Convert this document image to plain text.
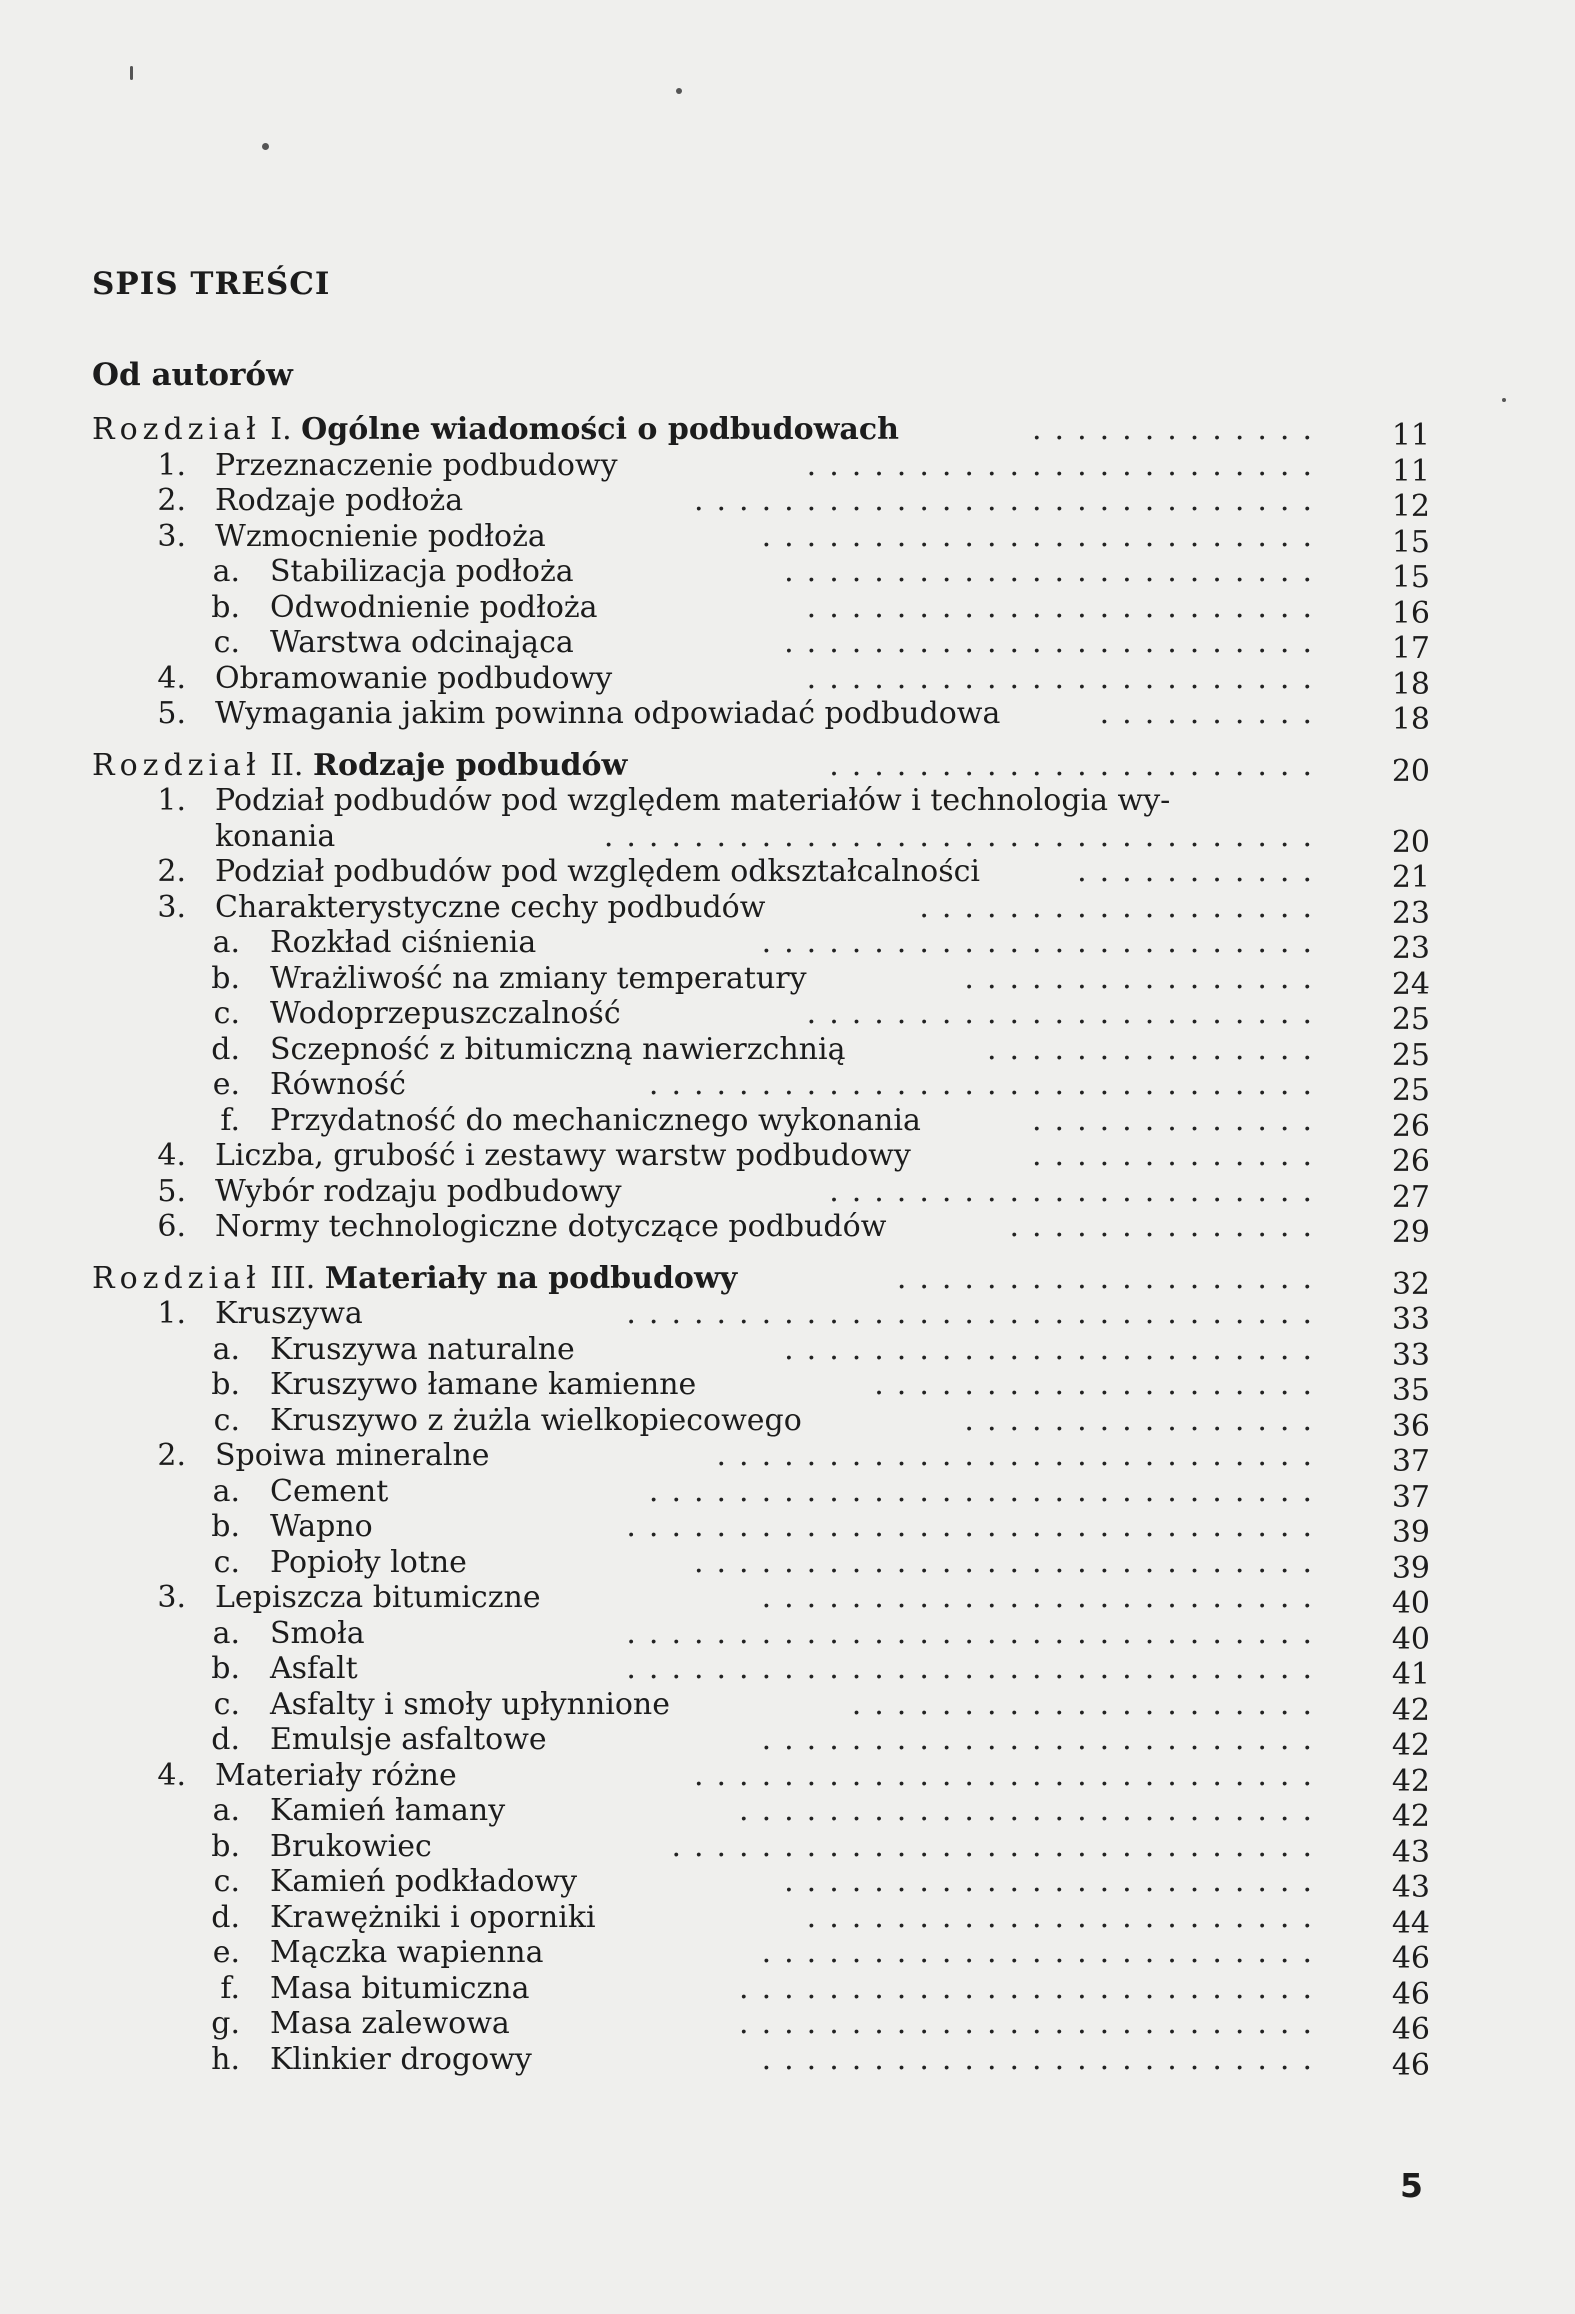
SPIS TREŚCI
Od autorów
Rozdział I. Ogólne wiadomości o podbudowach	.............	11
1. Przeznaczenie podbudowy	.......................	11
2. Rodzaje podłoża	............................	12
3. Wzmocnienie podłoża	.........................	15
a. Stabilizacja podłoża	........................	15
b. Odwodnienie podłoża	.......................	16
c. Warstwa odcinająca	........................	17
4. Obramowanie podbudowy	.......................	18
5. Wymagania jakim powinna odpowiadać podbudowa	..........	18
Rozdział II. Rodzaje podbudów	......................	20
1. Podział podbudów pod względem materiałów i technologia wy-
konania	................................	20
2. Podział podbudów pod względem odkształcalności	...........	21
3. Charakterystyczne cechy podbudów	..................	23
a. Rozkład ciśnienia	.........................	23
b. Wrażliwość na zmiany temperatury	................	24
c. Wodoprzepuszczalność	.......................	25
d. Sczepność z bitumiczną nawierzchnią	...............	25
e. Równość	..............................	25
f. Przydatność do mechanicznego wykonania	.............	26
4. Liczba, grubość i zestawy warstw podbudowy	.............	26
5. Wybór rodzaju podbudowy	......................	27
6. Normy technologiczne dotyczące podbudów	..............	29
Rozdział III. Materiały na podbudowy	...................	32
1. Kruszywa	...............................	33
a. Kruszywa naturalne	........................	33
b. Kruszywo łamane kamienne	....................	35
c. Kruszywo z żużla wielkopiecowego	................	36
2. Spoiwa mineralne	...........................	37
a. Cement	..............................	37
b. Wapno	...............................	39
c. Popioły lotne	............................	39
3. Lepiszcza bitumiczne	.........................	40
a. Smoła	...............................	40
b. Asfalt	...............................	41
c. Asfalty i smoły upłynnione	.....................	42
d. Emulsje asfaltowe	.........................	42
4. Materiały różne	............................	42
a. Kamień łamany	..........................	42
b. Brukowiec	.............................	43
c. Kamień podkładowy	........................	43
d. Krawężniki i oporniki	.......................	44
e. Mączka wapienna	.........................	46
f. Masa bitumiczna	..........................	46
g. Masa zalewowa	..........................	46
h. Klinkier drogowy	.........................	46
5
